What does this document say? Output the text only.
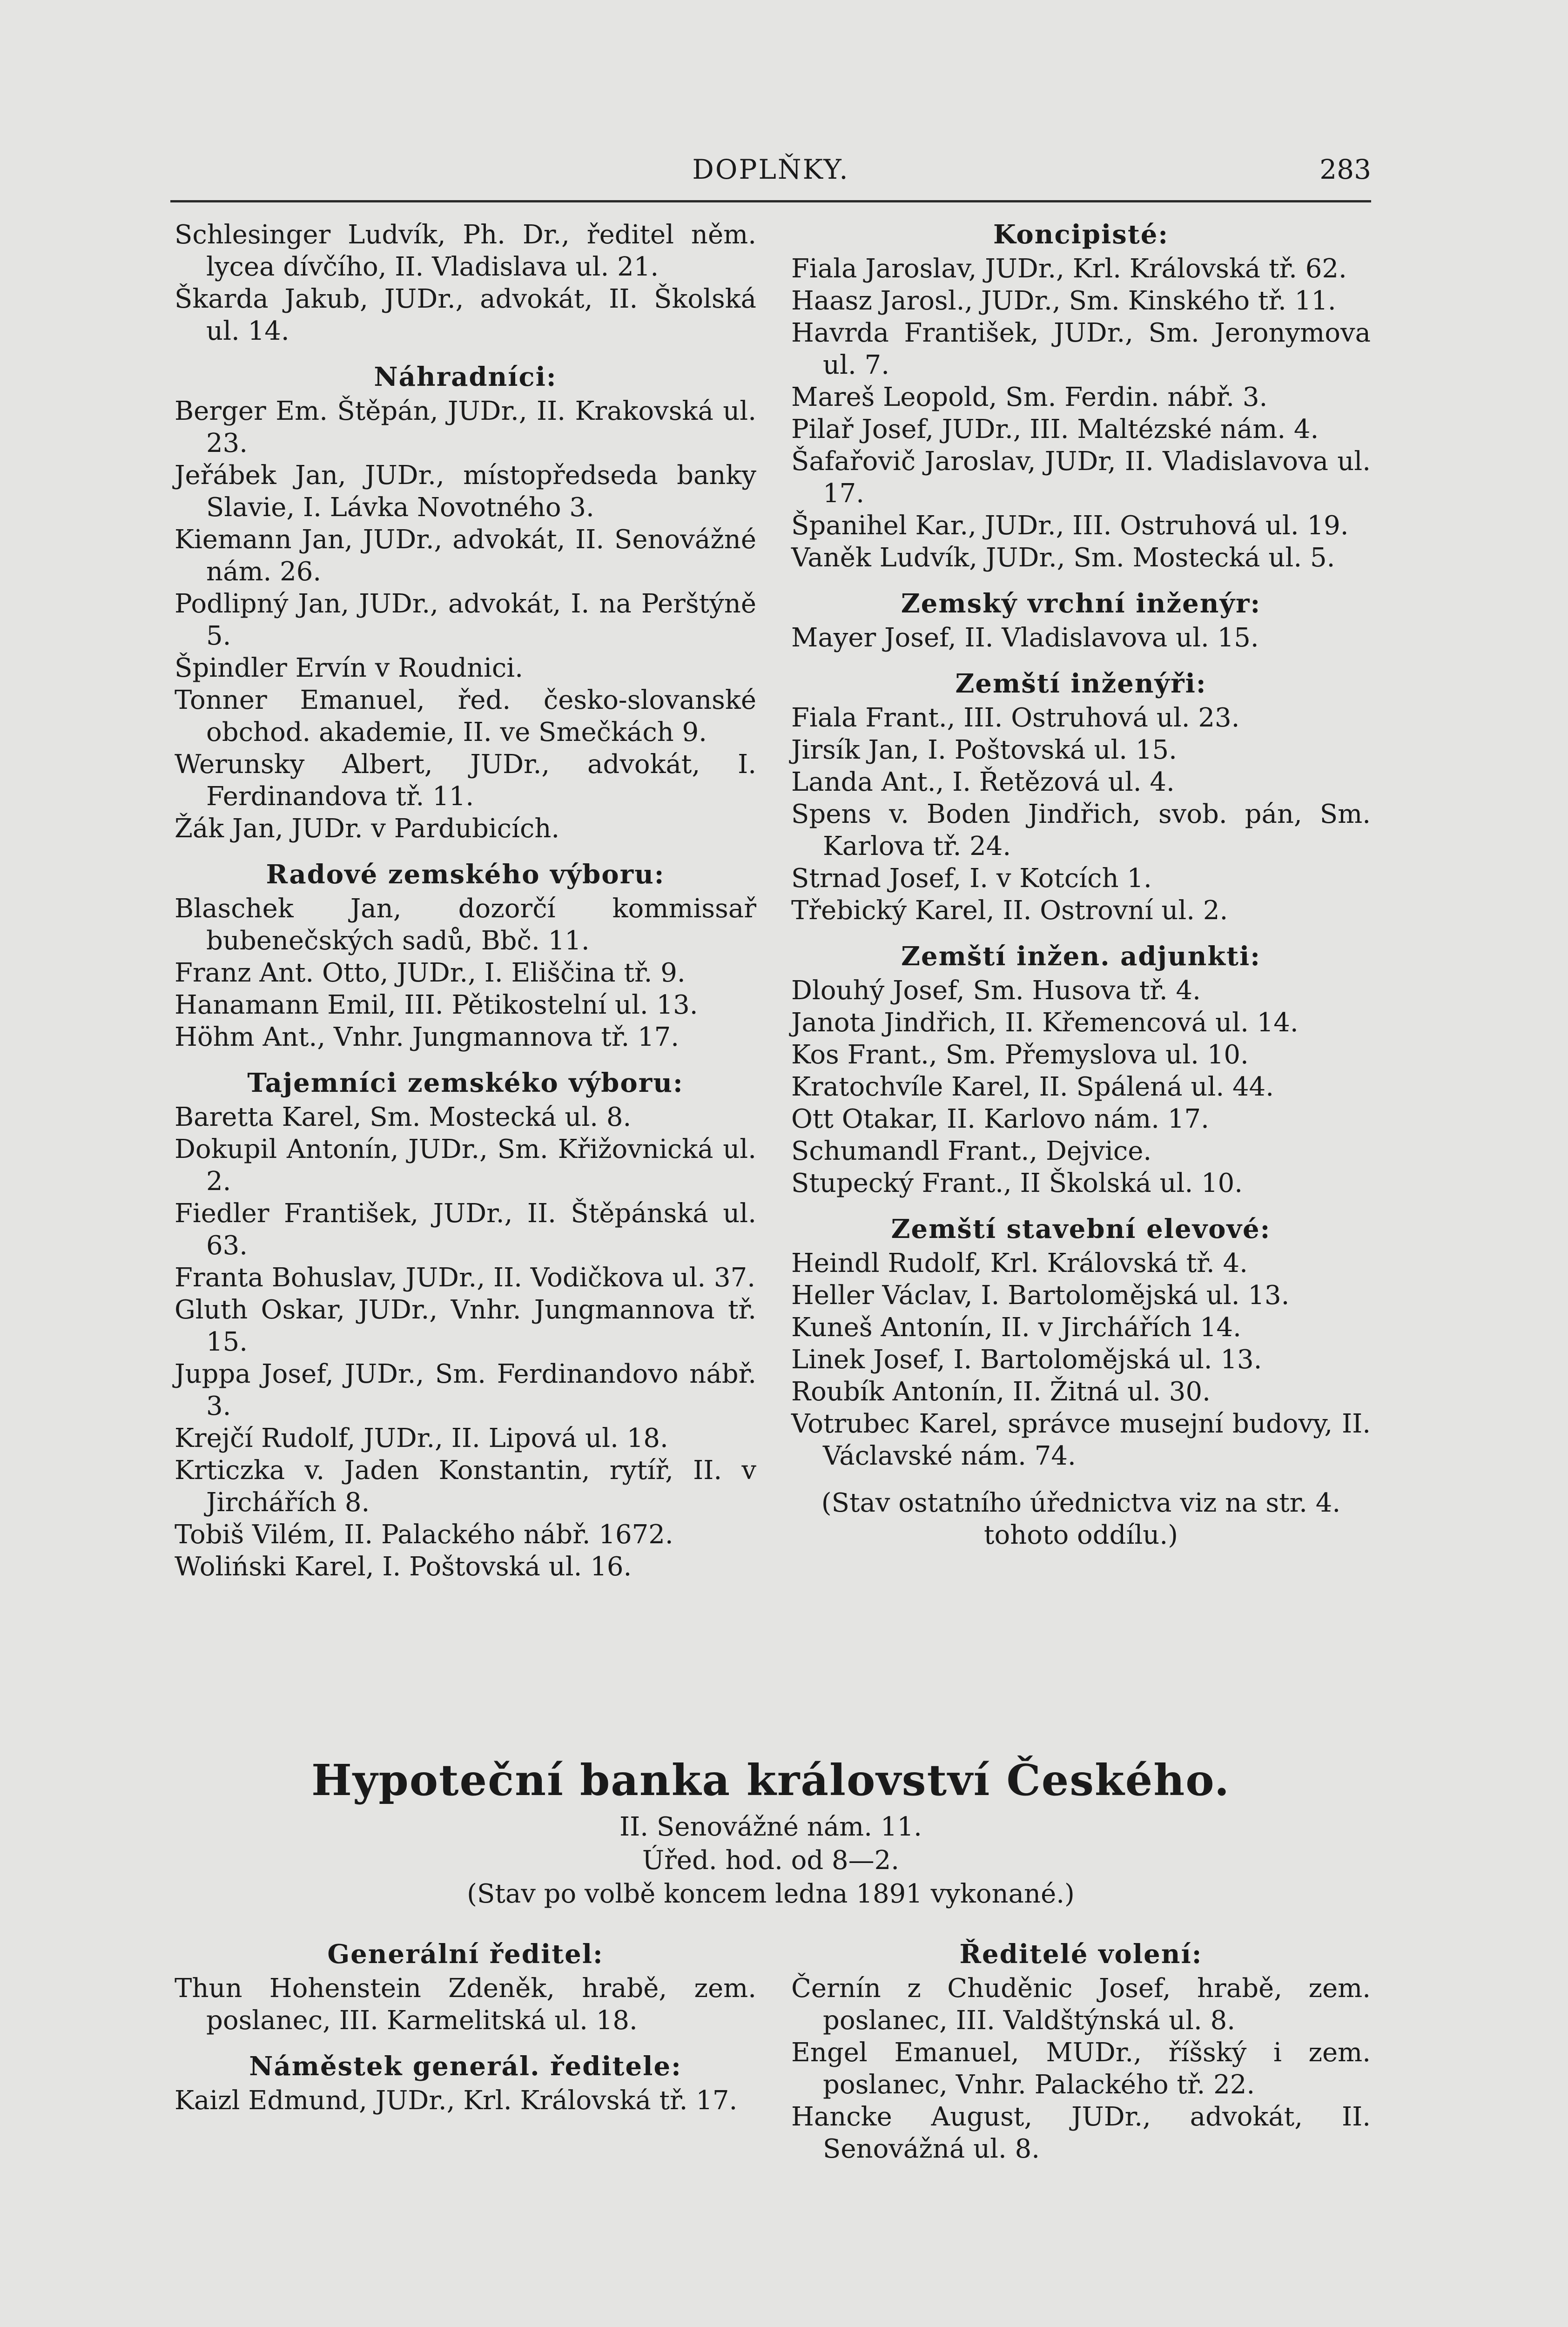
DOPLŇKY.	283
Schlesinger Ludvík, Ph. Dr., ředitel něm. lycea dívčího, II. Vladislava ul. 21.
Škarda Jakub, JUDr., advokát, II. Školská ul. 14.
Náhradníci:
Berger Em. Štěpán, JUDr., II. Krakovská ul. 23.
Jeřábek Jan, JUDr., místopředseda banky Slavie, I. Lávka Novotného 3.
Kiemann Jan, JUDr., advokát, II. Senovážné nám. 26.
Podlipný Jan, JUDr., advokát, I. na Perštýně 5.
Špindler Ervín v Roudnici.
Tonner Emanuel, řed. česko-slovanské obchod. akademie, II. ve Smečkách 9.
Werunsky Albert, JUDr., advokát, I. Ferdinandova tř. 11.
Žák Jan, JUDr. v Pardubicích.
Radové zemského výboru:
Blaschek Jan, dozorčí kommissař bubenečských sadů, Bbč. 11.
Franz Ant. Otto, JUDr., I. Eliščina tř. 9.
Hanamann Emil, III. Pětikostelní ul. 13.
Höhm Ant., Vnhr. Jungmannova tř. 17.
Tajemníci zemskéko výboru:
Baretta Karel, Sm. Mostecká ul. 8.
Dokupil Antonín, JUDr., Sm. Křižovnická ul. 2.
Fiedler František, JUDr., II. Štěpánská ul. 63.
Franta Bohuslav, JUDr., II. Vodičkova ul. 37.
Gluth Oskar, JUDr., Vnhr. Jungmannova tř. 15.
Juppa Josef, JUDr., Sm. Ferdinandovo nábř. 3.
Krejčí Rudolf, JUDr., II. Lipová ul. 18.
Krticzka v. Jaden Konstantin, rytíř, II. v Jirchářích 8.
Tobiš Vilém, II. Palackého nábř. 1672.
Woliński Karel, I. Poštovská ul. 16.
Koncipisté:
Fiala Jaroslav, JUDr., Krl. Královská tř. 62.
Haasz Jarosl., JUDr., Sm. Kinského tř. 11.
Havrda František, JUDr., Sm. Jeronymova ul. 7.
Mareš Leopold, Sm. Ferdin. nábř. 3.
Pilař Josef, JUDr., III. Maltézské nám. 4.
Šafařovič Jaroslav, JUDr, II. Vladislavova ul. 17.
Španihel Kar., JUDr., III. Ostruhová ul. 19.
Vaněk Ludvík, JUDr., Sm. Mostecká ul. 5.
Zemský vrchní inženýr:
Mayer Josef, II. Vladislavova ul. 15.
Zemští inženýři:
Fiala Frant., III. Ostruhová ul. 23.
Jirsík Jan, I. Poštovská ul. 15.
Landa Ant., I. Řetězová ul. 4.
Spens v. Boden Jindřich, svob. pán, Sm. Karlova tř. 24.
Strnad Josef, I. v Kotcích 1.
Třebický Karel, II. Ostrovní ul. 2.
Zemští inžen. adjunkti:
Dlouhý Josef, Sm. Husova tř. 4.
Janota Jindřich, II. Křemencová ul. 14.
Kos Frant., Sm. Přemyslova ul. 10.
Kratochvíle Karel, II. Spálená ul. 44.
Ott Otakar, II. Karlovo nám. 17.
Schumandl Frant., Dejvice.
Stupecký Frant., II Školská ul. 10.
Zemští stavební elevové:
Heindl Rudolf, Krl. Královská tř. 4.
Heller Václav, I. Bartolomějská ul. 13.
Kuneš Antonín, II. v Jirchářích 14.
Linek Josef, I. Bartolomějská ul. 13.
Roubík Antonín, II. Žitná ul. 30.
Votrubec Karel, správce musejní budovy, II. Václavské nám. 74.
(Stav ostatního úřednictva viz na str. 4. tohoto oddílu.)
Hypoteční banka království Českého.
II. Senovážné nám. 11.
Úřed. hod. od 8—2.
(Stav po volbě koncem ledna 1891 vykonané.)
Generální ředitel:
Thun Hohenstein Zdeněk, hrabě, zem. poslanec, III. Karmelitská ul. 18.
Náměstek generál. ředitele:
Kaizl Edmund, JUDr., Krl. Královská tř. 17.
Ředitelé volení:
Černín z Chuděnic Josef, hrabě, zem. poslanec, III. Valdštýnská ul. 8.
Engel Emanuel, MUDr., říšský i zem. poslanec, Vnhr. Palackého tř. 22.
Hancke August, JUDr., advokát, II. Senovážná ul. 8.
